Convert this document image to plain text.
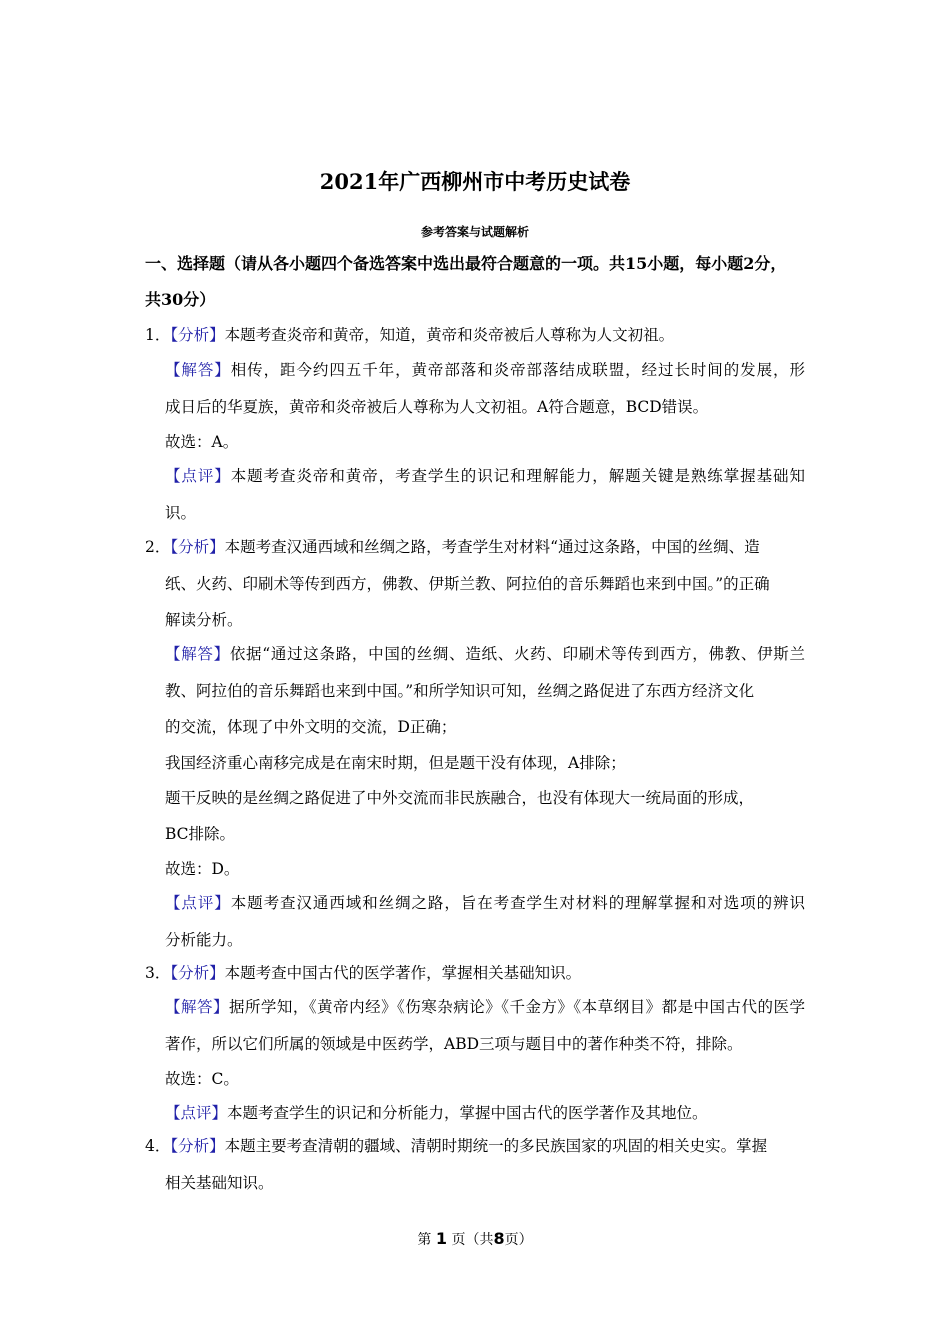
2021年广西柳州市中考历史试卷
参考答案与试题解析
一、选择题（请从各小题四个备选答案中选出最符合题意的一项。共15小题，每小题2分，
共30分）
1．【分析】本题考查炎帝和黄帝，知道，黄帝和炎帝被后人尊称为人文初祖。
【解答】相传，距今约四五千年，黄帝部落和炎帝部落结成联盟，经过长时间的发展，形
成日后的华夏族，黄帝和炎帝被后人尊称为人文初祖。A符合题意，BCD错误。
故选：A。
【点评】本题考查炎帝和黄帝，考查学生的识记和理解能力，解题关键是熟练掌握基础知
识。
2．【分析】本题考查汉通西域和丝绸之路，考查学生对材料“通过这条路，中国的丝绸、造
纸、火药、印刷术等传到西方，佛教、伊斯兰教、阿拉伯的音乐舞蹈也来到中国。”的正确
解读分析。
【解答】依据“通过这条路，中国的丝绸、造纸、火药、印刷术等传到西方，佛教、伊斯兰
教、阿拉伯的音乐舞蹈也来到中国。”和所学知识可知，丝绸之路促进了东西方经济文化
的交流，体现了中外文明的交流，D正确；
我国经济重心南移完成是在南宋时期，但是题干没有体现，A排除；
题干反映的是丝绸之路促进了中外交流而非民族融合，也没有体现大一统局面的形成，
BC排除。
故选：D。
【点评】本题考查汉通西域和丝绸之路，旨在考查学生对材料的理解掌握和对选项的辨识
分析能力。
3．【分析】本题考查中国古代的医学著作，掌握相关基础知识。
【解答】据所学知，《黄帝内经》《伤寒杂病论》《千金方》《本草纲目》都是中国古代的医学
著作，所以它们所属的领域是中医药学，ABD三项与题目中的著作种类不符，排除。
故选：C。
【点评】本题考查学生的识记和分析能力，掌握中国古代的医学著作及其地位。
4．【分析】本题主要考查清朝的疆域、清朝时期统一的多民族国家的巩固的相关史实。掌握
相关基础知识。
第 1 页（共8页）
